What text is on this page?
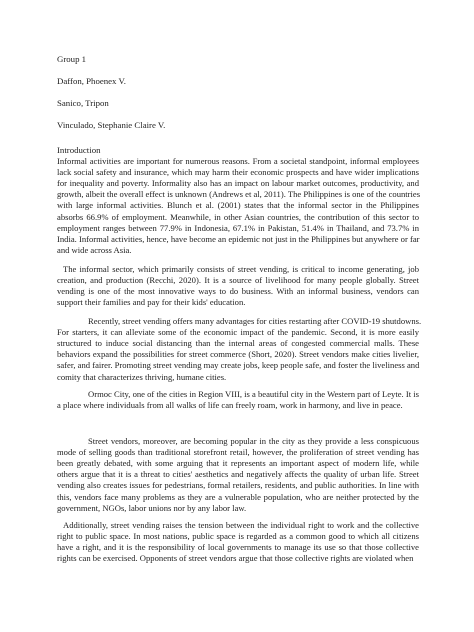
Group 1
Daffon, Phoenex V.
Sanico, Tripon
Vinculado, Stephanie Claire V.
Introduction
Informal activities are important for numerous reasons. From a societal standpoint, informal employees
lack social safety and insurance, which may harm their economic prospects and have wider implications
for inequality and poverty. Informality also has an impact on labour market outcomes, productivity, and
growth, albeit the overall effect is unknown (Andrews et al, 2011). The Philippines is one of the countries
with large informal activities. Blunch et al. (2001) states that the informal sector in the Philippines
absorbs 66.9% of employment. Meanwhile, in other Asian countries, the contribution of this sector to
employment ranges between 77.9% in Indonesia, 67.1% in Pakistan, 51.4% in Thailand, and 73.7% in
India. Informal activities, hence, have become an epidemic not just in the Philippines but anywhere or far
and wide across Asia.
The informal sector, which primarily consists of street vending, is critical to income generating, job
creation, and production (Recchi, 2020). It is a source of livelihood for many people globally. Street
vending is one of the most innovative ways to do business. With an informal business, vendors can
support their families and pay for their kids' education.
Recently, street vending offers many advantages for cities restarting after COVID-19 shutdowns.
For starters, it can alleviate some of the economic impact of the pandemic. Second, it is more easily
structured to induce social distancing than the internal areas of congested commercial malls. These
behaviors expand the possibilities for street commerce (Short, 2020). Street vendors make cities livelier,
safer, and fairer. Promoting street vending may create jobs, keep people safe, and foster the liveliness and
comity that characterizes thriving, humane cities.
Ormoc City, one of the cities in Region VIII, is a beautiful city in the Western part of Leyte. It is
a place where individuals from all walks of life can freely roam, work in harmony, and live in peace.
Street vendors, moreover, are becoming popular in the city as they provide a less conspicuous
mode of selling goods than traditional storefront retail, however, the proliferation of street vending has
been greatly debated, with some arguing that it represents an important aspect of modern life, while
others argue that it is a threat to cities' aesthetics and negatively affects the quality of urban life. Street
vending also creates issues for pedestrians, formal retailers, residents, and public authorities. In line with
this, vendors face many problems as they are a vulnerable population, who are neither protected by the
government, NGOs, labor unions nor by any labor law.
Additionally, street vending raises the tension between the individual right to work and the collective
right to public space. In most nations, public space is regarded as a common good to which all citizens
have a right, and it is the responsibility of local governments to manage its use so that those collective
rights can be exercised. Opponents of street vendors argue that those collective rights are violated when
